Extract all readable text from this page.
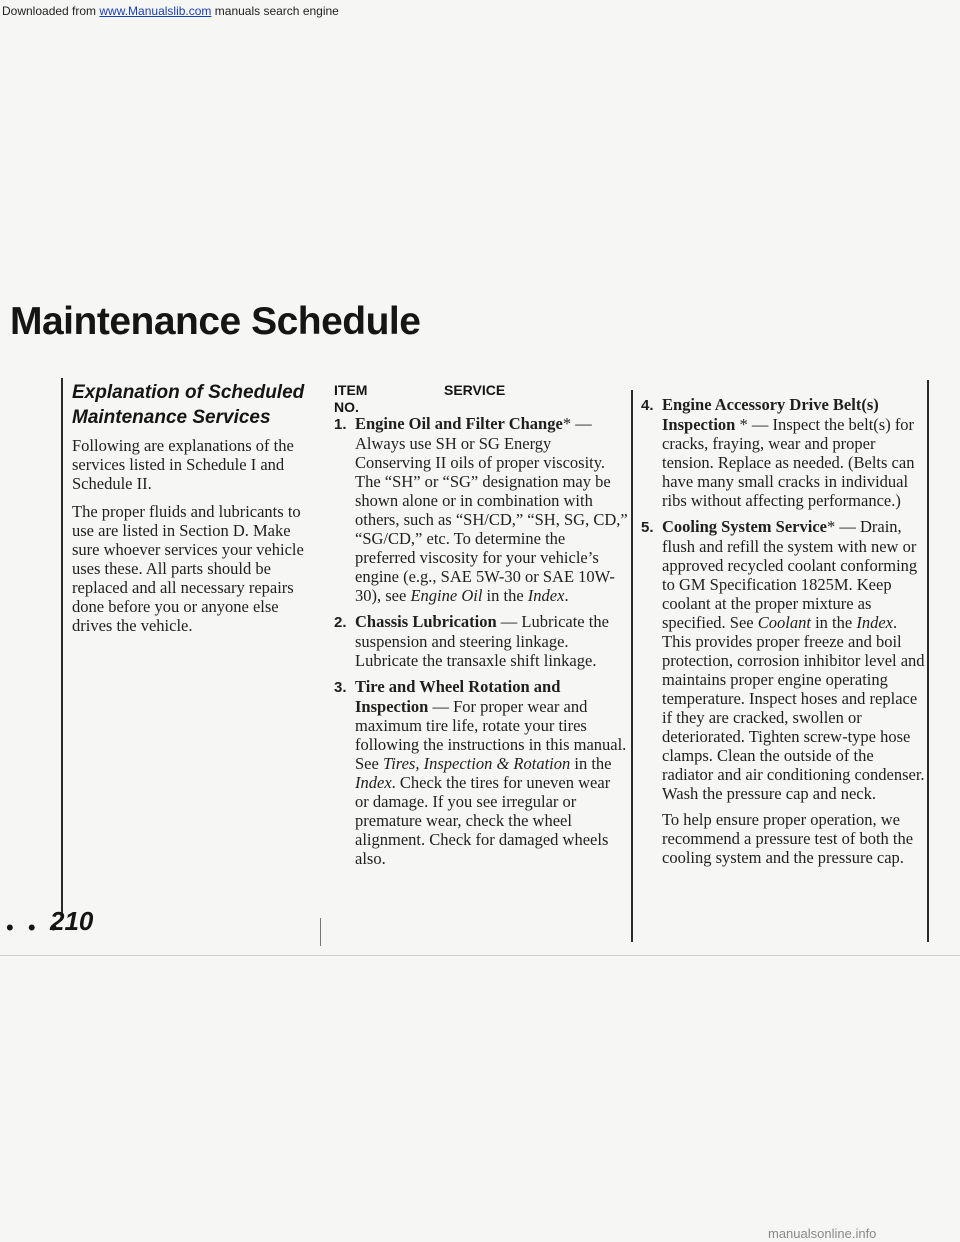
Downloaded from www.Manualslib.com manuals search engine
Maintenance Schedule
Explanation of Scheduled Maintenance Services

Following are explanations of the services listed in Schedule I and Schedule II.

The proper fluids and lubricants to use are listed in Section D. Make sure whoever services your vehicle uses these. All parts should be replaced and all necessary repairs done before you or anyone else drives the vehicle.

ITEM
NO.
SERVICE
1. Engine Oil and Filter Change* — Always use SH or SG Energy Conserving II oils of proper viscosity. The “SH” or “SG” designation may be shown alone or in combination with others, such as “SH/CD,” “SH, SG, CD,” “SG/CD,” etc. To determine the preferred viscosity for your vehicle’s engine (e.g., SAE 5W-30 or SAE 10W-30), see Engine Oil in the Index.
2. Chassis Lubrication — Lubricate the suspension and steering linkage. Lubricate the transaxle shift linkage.
3. Tire and Wheel Rotation and Inspection — For proper wear and maximum tire life, rotate your tires following the instructions in this manual. See Tires, Inspection & Rotation in the Index. Check the tires for uneven wear or damage. If you see irregular or premature wear, check the wheel alignment. Check for damaged wheels also.
4. Engine Accessory Drive Belt(s) Inspection * — Inspect the belt(s) for cracks, fraying, wear and proper tension. Replace as needed. (Belts can have many small cracks in individual ribs without affecting performance.)
5. Cooling System Service* — Drain, flush and refill the system with new or approved recycled coolant conforming to GM Specification 1825M. Keep coolant at the proper mixture as specified. See Coolant in the Index. This provides proper freeze and boil protection, corrosion inhibitor level and maintains proper engine operating temperature. Inspect hoses and replace if they are cracked, swollen or deteriorated. Tighten screw-type hose clamps. Clean the outside of the radiator and air conditioning condenser. Wash the pressure cap and neck.

To help ensure proper operation, we recommend a pressure test of both the cooling system and the pressure cap.

• • •
210
manualsonline.info
